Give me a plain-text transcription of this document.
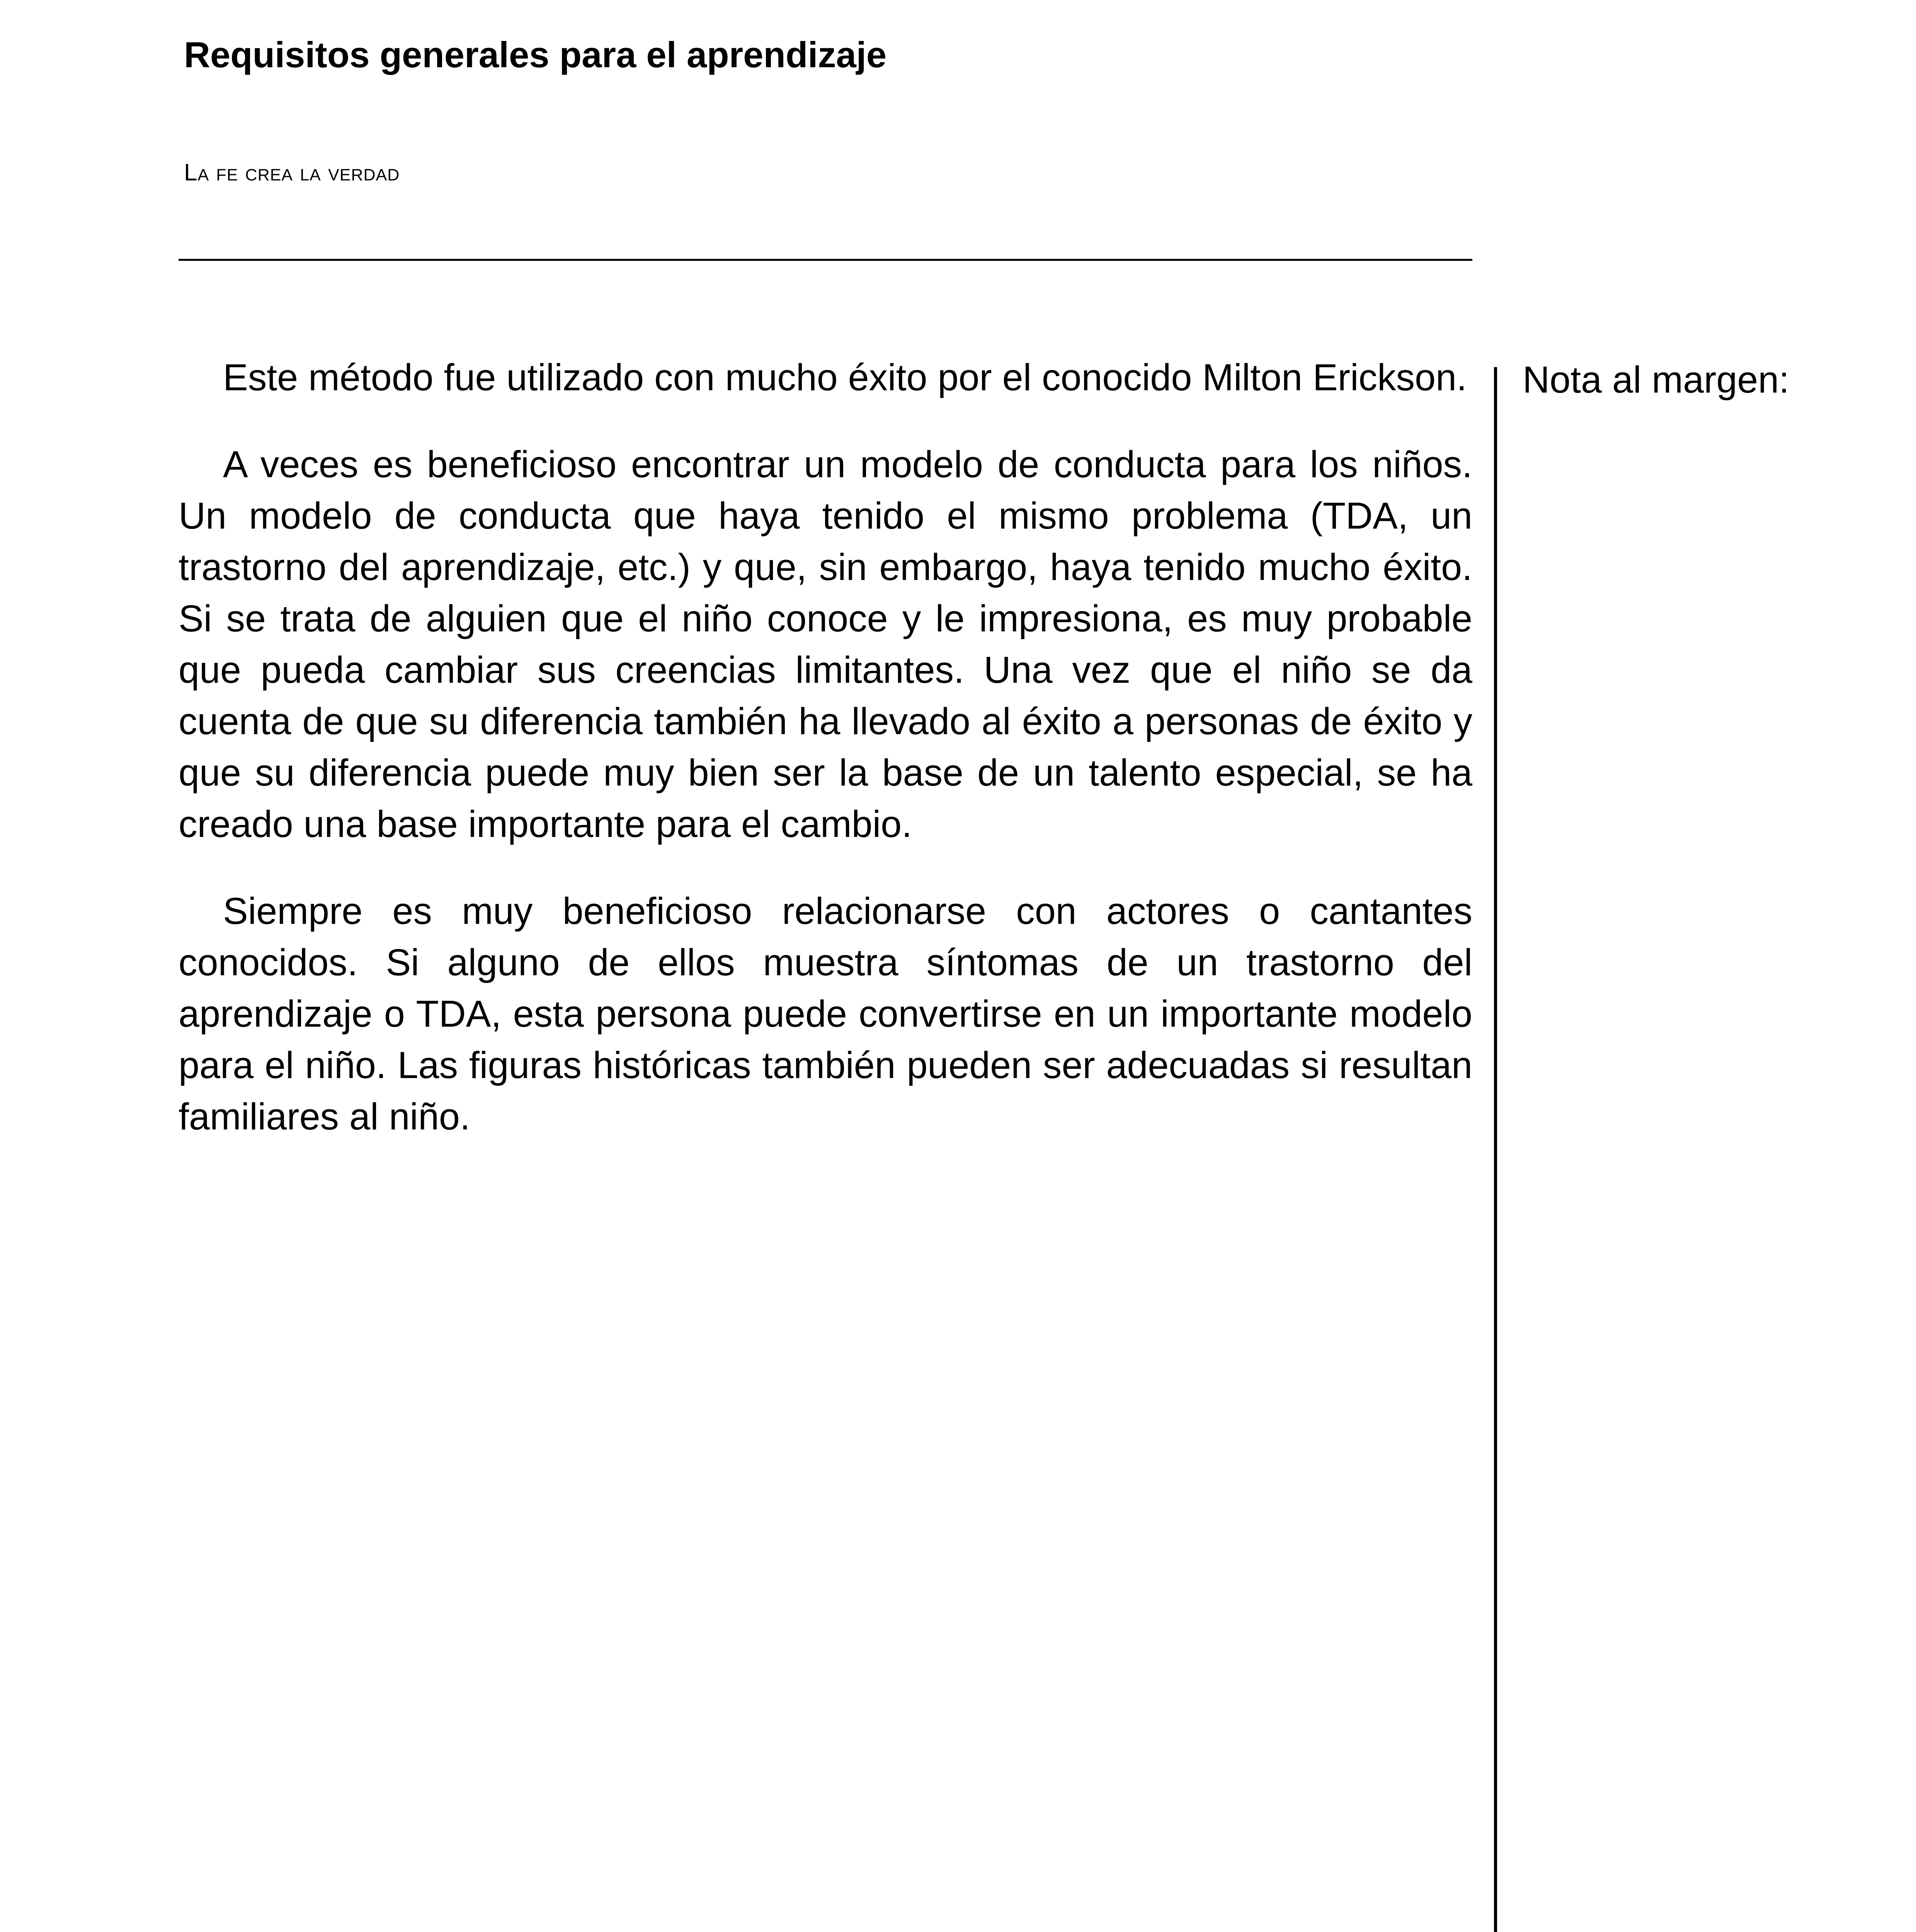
Requisitos generales para el aprendizaje
La fe crea la verdad

Este método fue utilizado con mucho éxito por el conocido Milton Erickson.

A veces es beneficioso encontrar un modelo de conducta para los niños. Un modelo de conducta que haya tenido el mismo problema (TDA, un trastorno del aprendizaje, etc.) y que, sin embargo, haya tenido mucho éxito. Si se trata de alguien que el niño conoce y le impresiona, es muy probable que pueda cambiar sus creencias limitantes. Una vez que el niño se da cuenta de que su diferencia también ha llevado al éxito a personas de éxito y que su diferencia puede muy bien ser la base de un talento especial, se ha creado una base importante para el cambio.

Siempre es muy beneficioso relacionarse con actores o cantantes conocidos. Si alguno de ellos muestra síntomas de un trastorno del aprendizaje o TDA, esta persona puede convertirse en un importante modelo para el niño. Las figuras históricas también pueden ser adecuadas si resultan familiares al niño.

Nota al margen:
